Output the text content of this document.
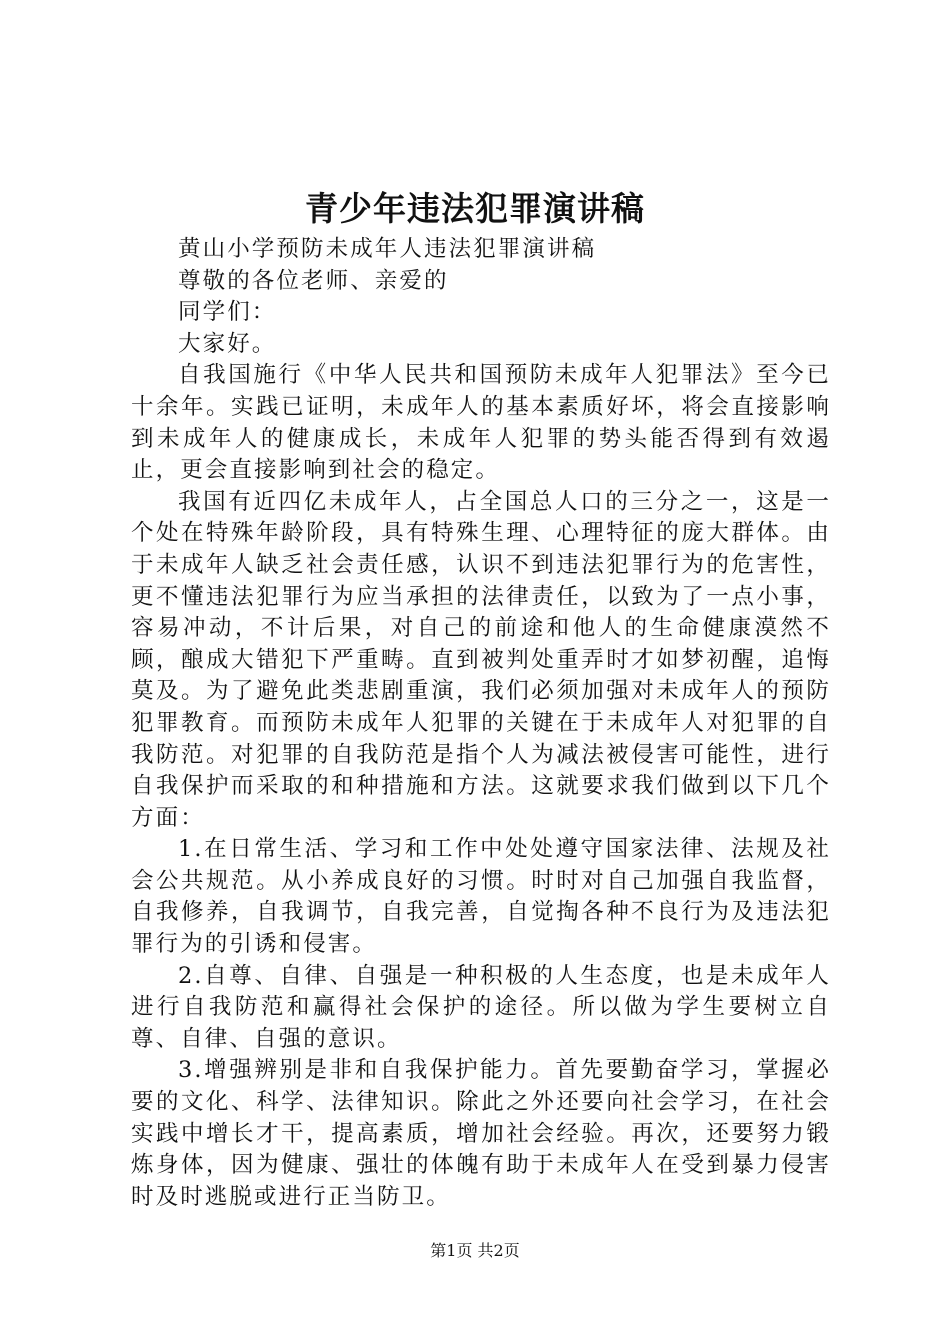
青少年违法犯罪演讲稿

黄山小学预防未成年人违法犯罪演讲稿

尊敬的各位老师、亲爱的

同学们：

大家好。

自我国施行《中华人民共和国预防未成年人犯罪法》至今已十余年。实践已证明，未成年人的基本素质好坏，将会直接影响到未成年人的健康成长，未成年人犯罪的势头能否得到有效遏止，更会直接影响到社会的稳定。

我国有近四亿未成年人，占全国总人口的三分之一，这是一个处在特殊年龄阶段，具有特殊生理、心理特征的庞大群体。由于未成年人缺乏社会责任感，认识不到违法犯罪行为的危害性，更不懂违法犯罪行为应当承担的法律责任，以致为了一点小事，容易冲动，不计后果，对自己的前途和他人的生命健康漠然不顾，酿成大错犯下严重畴。直到被判处重弄时才如梦初醒，追悔莫及。为了避免此类悲剧重演，我们必须加强对未成年人的预防犯罪教育。而预防未成年人犯罪的关键在于未成年人对犯罪的自我防范。对犯罪的自我防范是指个人为减法被侵害可能性，进行自我保护而采取的和种措施和方法。这就要求我们做到以下几个方面：

1.在日常生活、学习和工作中处处遵守国家法律、法规及社会公共规范。从小养成良好的习惯。时时对自己加强自我监督，自我修养，自我调节，自我完善，自觉掏各种不良行为及违法犯罪行为的引诱和侵害。

2.自尊、自律、自强是一种积极的人生态度，也是未成年人进行自我防范和赢得社会保护的途径。所以做为学生要树立自尊、自律、自强的意识。

3.增强辨别是非和自我保护能力。首先要勤奋学习，掌握必要的文化、科学、法律知识。除此之外还要向社会学习，在社会实践中增长才干，提高素质，增加社会经验。再次，还要努力锻炼身体，因为健康、强壮的体魄有助于未成年人在受到暴力侵害时及时逃脱或进行正当防卫。

第1页 共2页
